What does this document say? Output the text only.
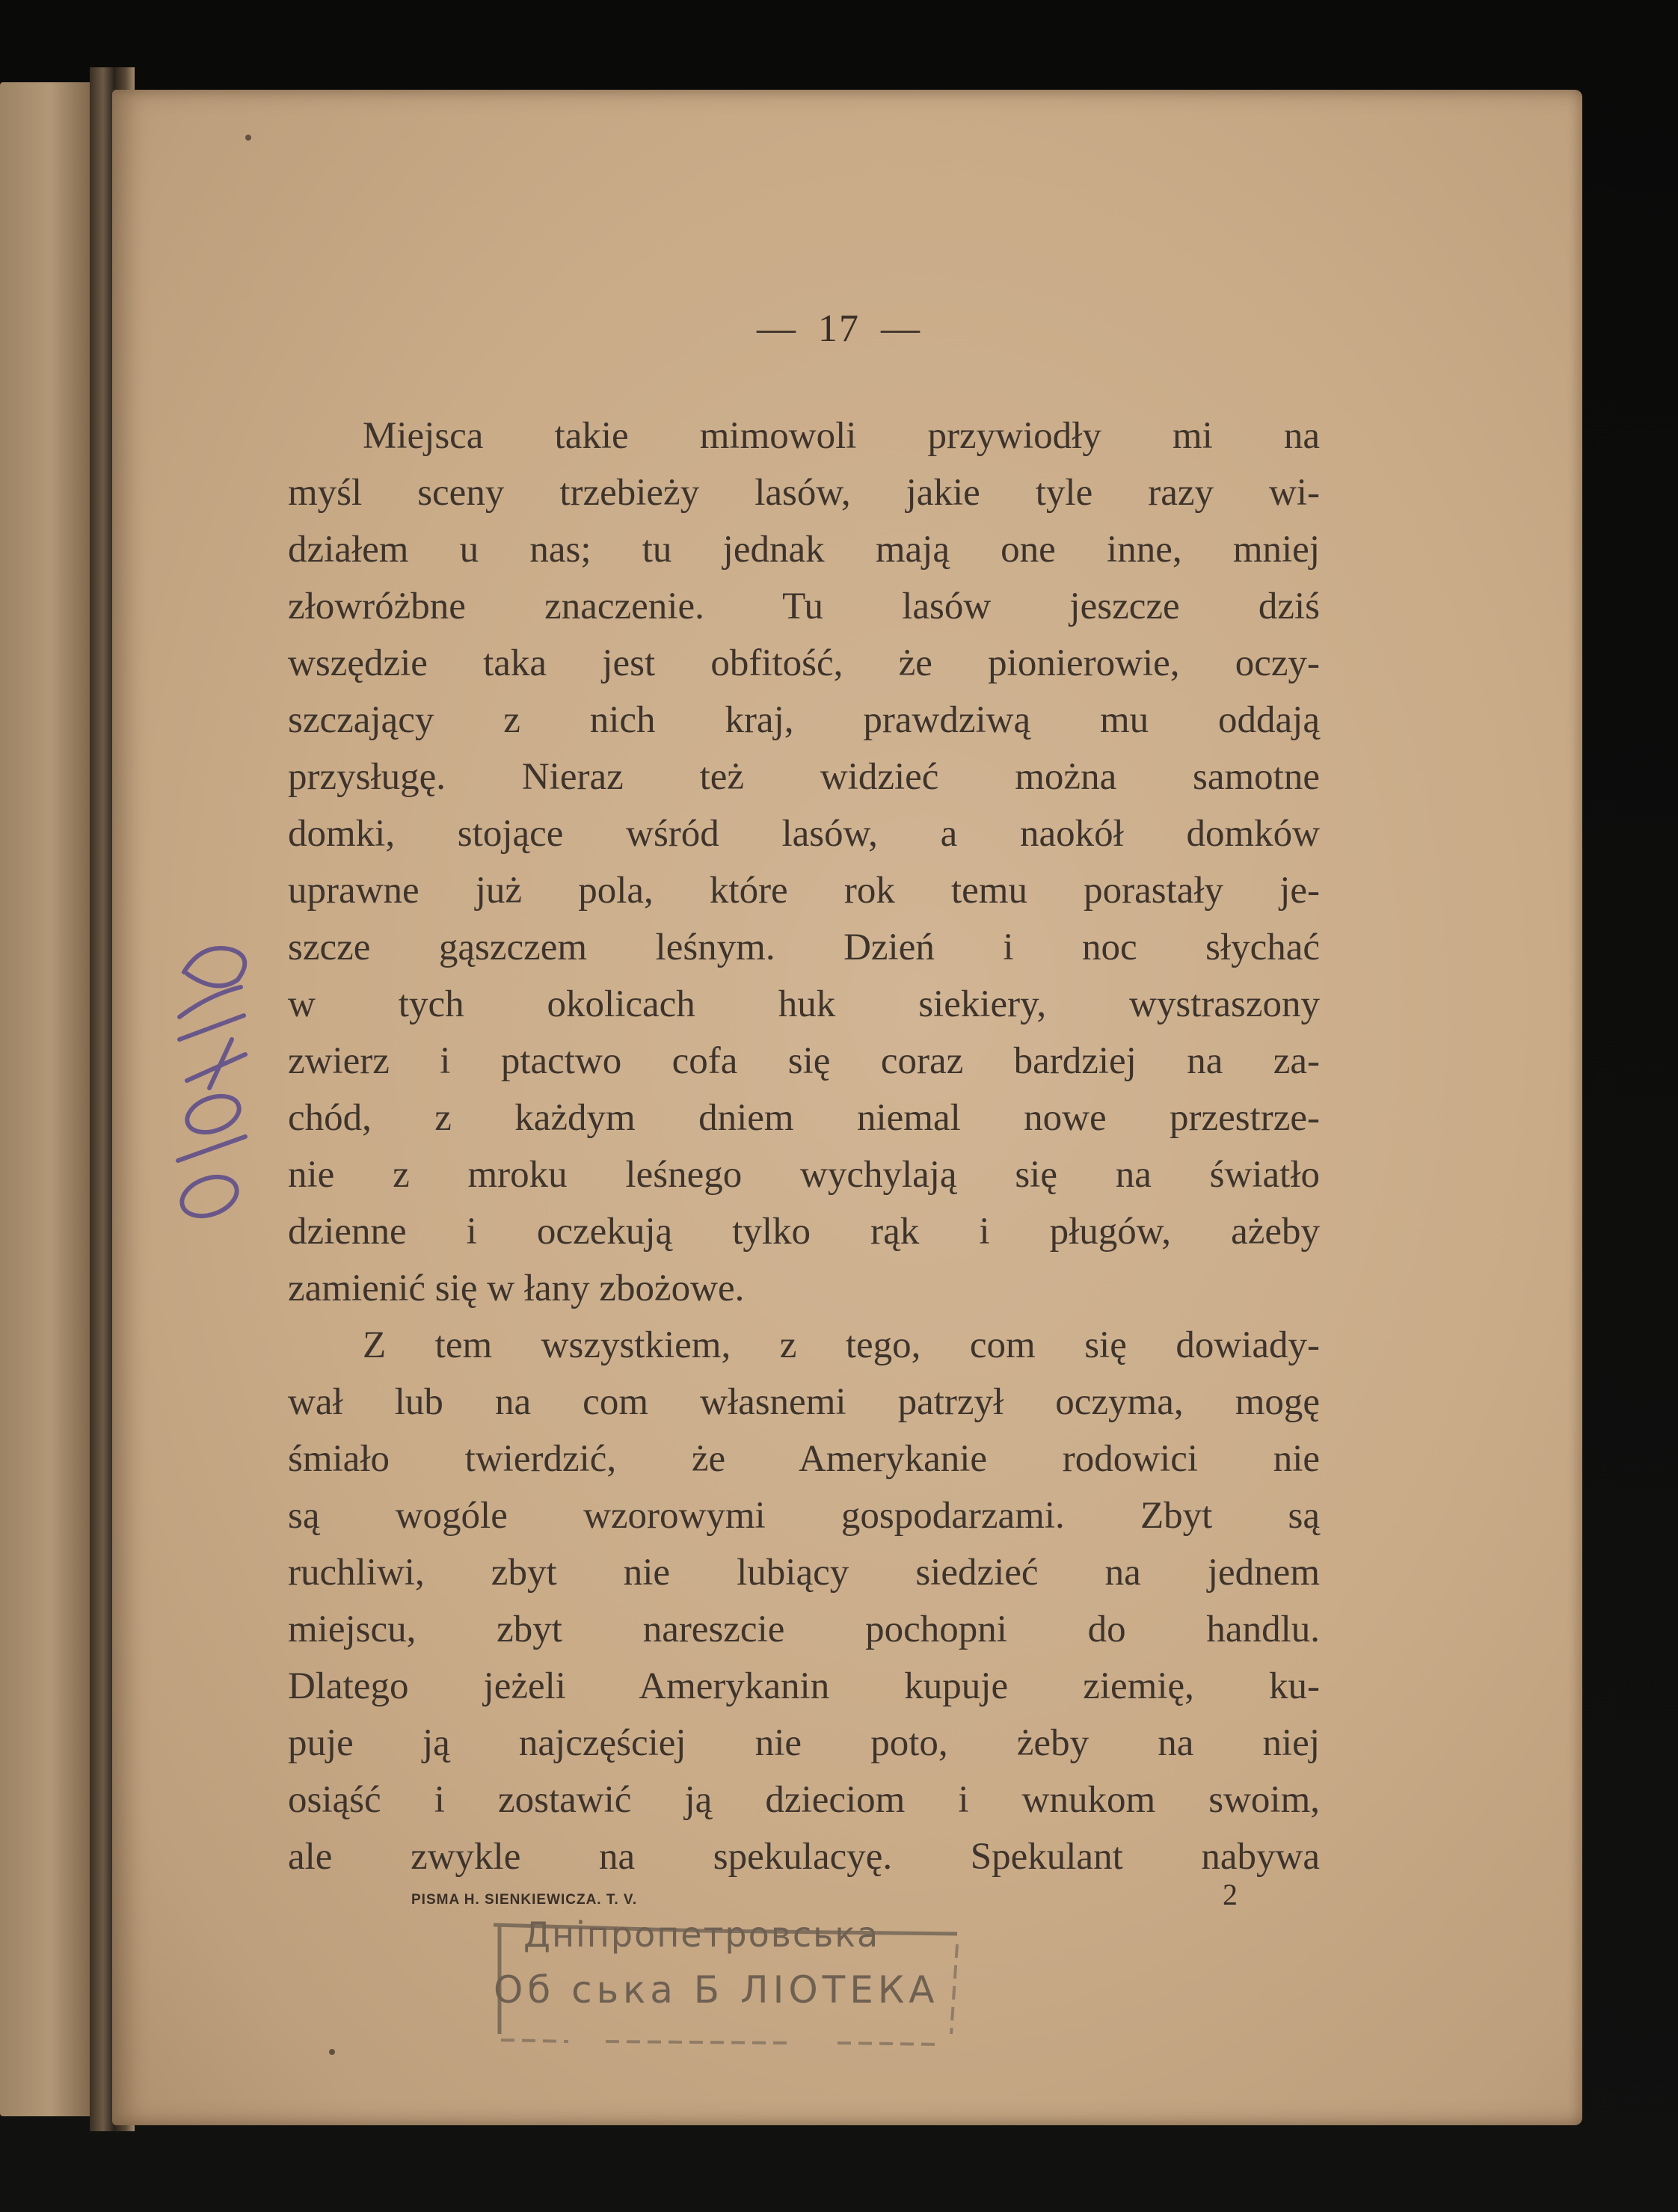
— 17 —
Miejsca takie mimowoli przywiodły mi na
myśl sceny trzebieży lasów, jakie tyle razy wi-
działem u nas; tu jednak mają one inne, mniej
złowróżbne znaczenie. Tu lasów jeszcze dziś
wszędzie taka jest obfitość, że pionierowie, oczy-
szczający z nich kraj, prawdziwą mu oddają
przysługę. Nieraz też widzieć można samotne
domki, stojące wśród lasów, a naokół domków
uprawne już pola, które rok temu porastały je-
szcze gąszczem leśnym. Dzień i noc słychać
w tych okolicach huk siekiery, wystraszony
zwierz i ptactwo cofa się coraz bardziej na za-
chód, z każdym dniem niemal nowe przestrze-
nie z mroku leśnego wychylają się na światło
dzienne i oczekują tylko rąk i pługów, ażeby
zamienić się w łany zbożowe.
Z tem wszystkiem, z tego, com się dowiady-
wał lub na com własnemi patrzył oczyma, mogę
śmiało twierdzić, że Amerykanie rodowici nie
są wogóle wzorowymi gospodarzami. Zbyt są
ruchliwi, zbyt nie lubiący siedzieć na jednem
miejscu, zbyt nareszcie pochopni do handlu.
Dlatego jeżeli Amerykanin kupuje ziemię, ku-
puje ją najczęściej nie poto, żeby na niej
osiąść i zostawić ją dzieciom i wnukom swoim,
ale zwykle na spekulacyę. Spekulant nabywa
PISMA H. SIENKIEWICZA. T. V.	2
Днiпропетровська
Об ська Б ЛIОТЕКА
